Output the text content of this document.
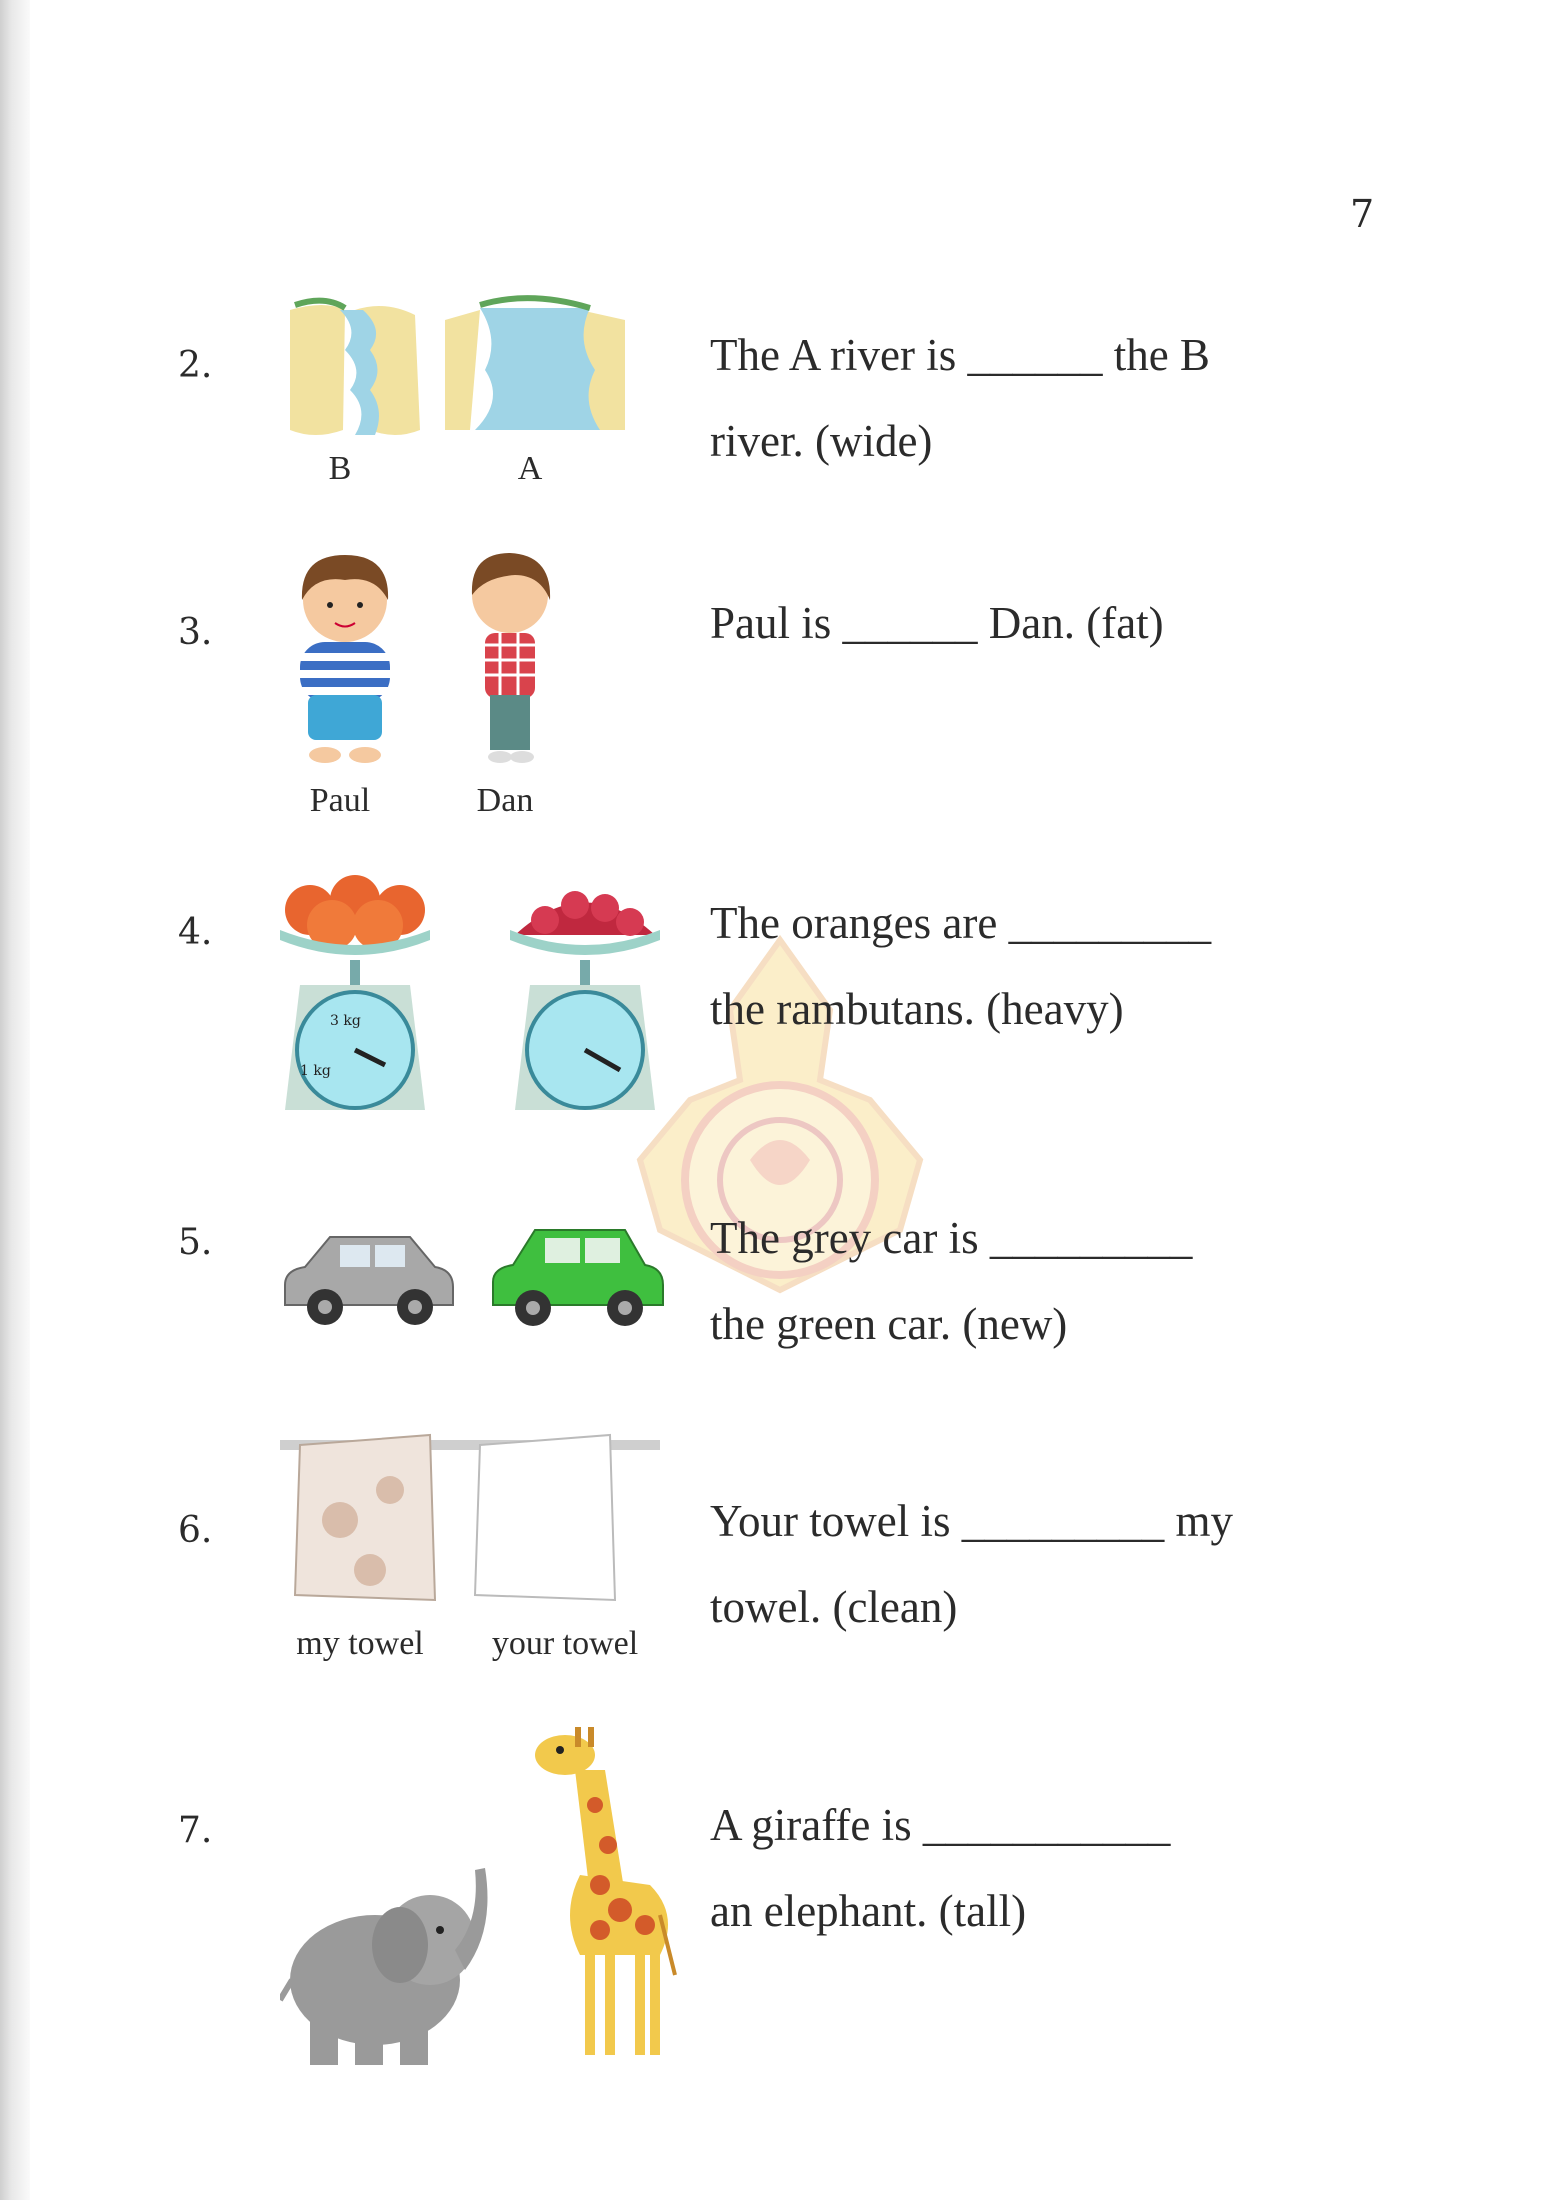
7
2.
B	A
The A river is ______ the B
river. (wide)
3.
Paul	Dan
Paul is ______ Dan. (fat)
4.
3 kg
1 kg
The oranges are _________
the rambutans. (heavy)
5.	The grey car is _________
the green car. (new)
6.
my towel	your towel
Your towel is _________ my
towel. (clean)
7.	A giraffe is ___________
an elephant. (tall)
